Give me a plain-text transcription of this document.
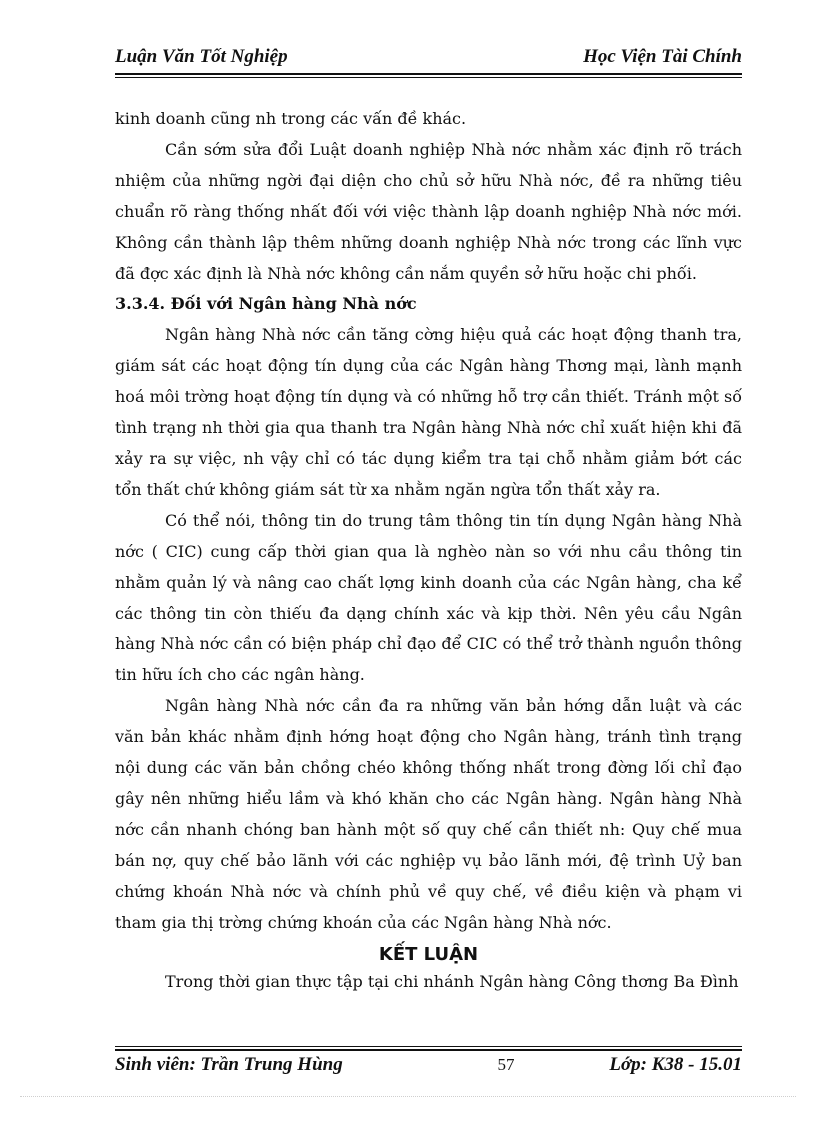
Luận Văn Tốt Nghiệp	Học Viện Tài Chính

kinh doanh cũng nh trong các vấn đề khác.

Cần sớm sửa đổi Luật doanh nghiệp Nhà nớc nhằm xác định rõ trách nhiệm của những ngời đại diện cho chủ sở hữu Nhà nớc, đề ra những tiêu chuẩn rõ ràng thống nhất đối với việc thành lập doanh nghiệp Nhà nớc mới. Không cần thành lập thêm những doanh nghiệp Nhà nớc trong các lĩnh vực đã đợc xác định là Nhà nớc không cần nắm quyền sở hữu hoặc chi phối.

3.3.4. Đối với Ngân hàng Nhà nớc

Ngân hàng Nhà nớc cần tăng cờng hiệu quả các hoạt động thanh tra, giám sát các hoạt động tín dụng của các Ngân hàng Thơng mại, lành mạnh hoá môi trờng hoạt động tín dụng và có những hỗ trợ cần thiết. Tránh một số tình trạng nh thời gia qua thanh tra Ngân hàng Nhà nớc chỉ xuất hiện khi đã xảy ra sự việc, nh vậy chỉ có tác dụng kiểm tra tại chỗ nhằm giảm bớt các tổn thất chứ không giám sát từ xa nhằm ngăn ngừa tổn thất xảy ra.

Có thể nói, thông tin do trung tâm thông tin tín dụng Ngân hàng Nhà nớc ( CIC) cung cấp thời gian qua là nghèo nàn so với nhu cầu thông tin nhằm quản lý và nâng cao chất lợng kinh doanh của các Ngân hàng, cha kể các thông tin còn thiếu đa dạng chính xác và kịp thời. Nên yêu cầu Ngân hàng Nhà nớc cần có biện pháp chỉ đạo để CIC có thể trở thành nguồn thông tin hữu ích cho các ngân hàng.

Ngân hàng Nhà nớc cần đa ra những văn bản hớng dẫn luật và các văn bản khác nhằm định hớng hoạt động cho Ngân hàng, tránh tình trạng nội dung các văn bản chồng chéo không thống nhất trong đờng lối chỉ đạo gây nên những hiểu lầm và khó khăn cho các Ngân hàng. Ngân hàng Nhà nớc cần nhanh chóng ban hành một số quy chế cần thiết nh: Quy chế mua bán nợ, quy chế bảo lãnh với các nghiệp vụ bảo lãnh mới, đệ trình Uỷ ban chứng khoán Nhà nớc và chính phủ về quy chế, về điều kiện và phạm vi tham gia thị trờng chứng khoán của các Ngân hàng Nhà nớc.

KẾT LUẬN

Trong thời gian thực tập tại chi nhánh Ngân hàng Công thơng Ba Đình

Sinh viên: Trần Trung Hùng	57	Lớp: K38 - 15.01
